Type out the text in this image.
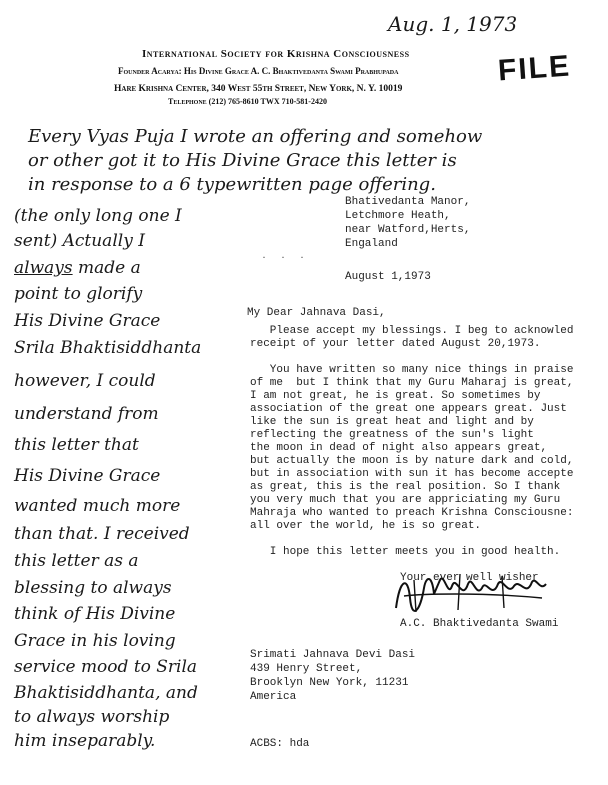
Aug. 1, 1973
FILE
International Society for Krishna Consciousness
Founder Acarya: His Divine Grace A. C. Bhaktivedanta Swami Prabhupada
Hare Krishna Center, 340 West 55th Street, New York, N. Y. 10019
Telephone (212) 765-8610 TWX 710-581-2420
Every Vyas Puja I wrote an offering and somehow
or other got it to His Divine Grace this letter is
in response to a 6 typewritten page offering.
(the only long one I
sent) Actually I
always made a
point to glorify
His Divine Grace
Srila Bhaktisiddhanta
however, I could
understand from
this letter that
His Divine Grace
wanted much more
than that. I received
this letter as a
blessing to always
think of His Divine
Grace in his loving
service mood to Srila
Bhaktisiddhanta, and
to always worship
him inseparably.
Bhativedanta Manor,
Letchmore Heath,
near Watford,Herts,
Engaland
· · ·
August 1,1973
My Dear Jahnava Dasi,
Please accept my blessings. I beg to acknowled
receipt of your letter dated August 20,1973.
You have written so many nice things in praise
of me  but I think that my Guru Maharaj is great,
I am not great, he is great. So sometimes by
association of the great one appears great. Just
like the sun is great heat and light and by
reflecting the greatness of the sun's light
the moon in dead of night also appears great,
but actually the moon is by nature dark and cold,
but in association with sun it has become accepte
as great, this is the real position. So I thank
you very much that you are appriciating my Guru
Mahraja who wanted to preach Krishna Consciousne:
all over the world, he is so great.
I hope this letter meets you in good health.
Your ever well wisher
A.C. Bhaktivedanta Swami
Srimati Jahnava Devi Dasi
439 Henry Street,
Brooklyn New York, 11231
America
ACBS: hda
